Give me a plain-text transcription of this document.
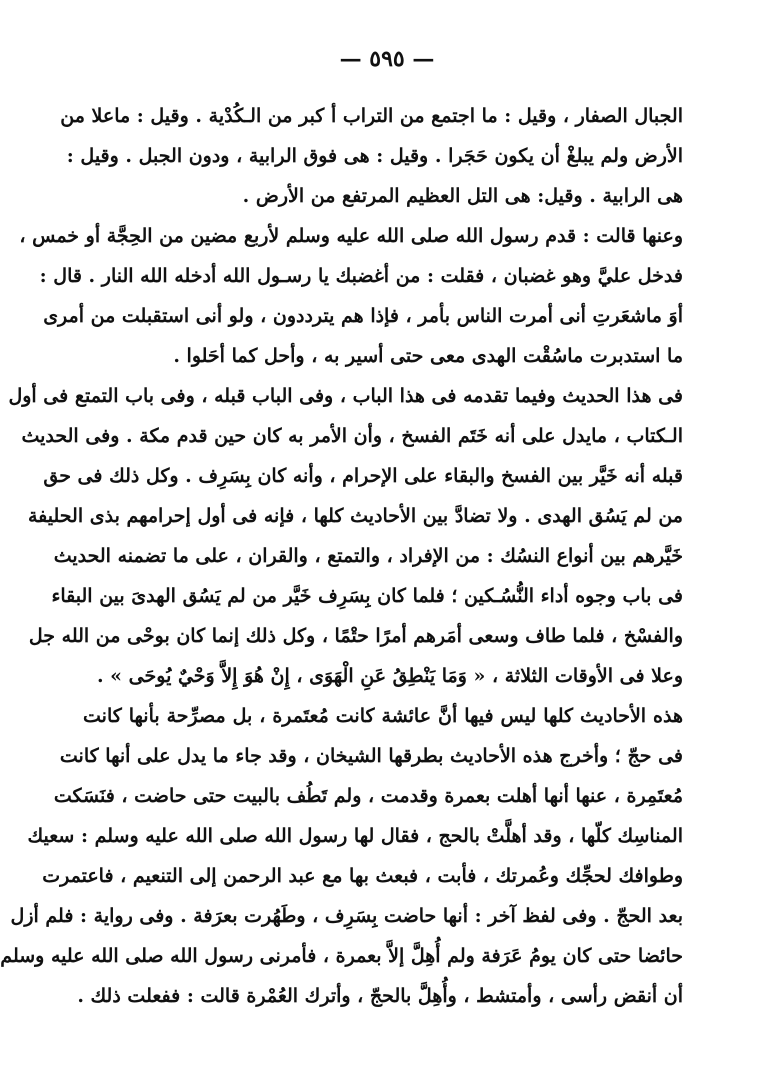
— ٥٩٥ —
الجبال الصفار ، وقيل : ما اجتمع من التراب أ كبر من الـكُدْية . وقيل : ماعلا من
الأرض ولم يبلغْ أن يكون حَجَرا . وقيل : هى فوق الرابية ، ودون الجبل . وقيل :
هى الرابية . وقيل: هى التل العظيم المرتفع من الأرض .
وعنها قالت : قدم رسول الله صلى الله عليه وسلم لأربع مضين من الحِجَّة أو خمس ،
فدخل عليَّ وهو غضبان ، فقلت : من أغضبك يا رسـول الله أدخله الله النار . قال :
أوَ ماشعَرتِ أنى أمرت الناس بأمر ، فإذا هم يترددون ، ولو أنى استقبلت من أمرى
ما استدبرت ماسُقْت الهدى معى حتى أسير به ، وأحل كما أحَلوا .
فى هذا الحديث وفيما تقدمه فى هذا الباب ، وفى الباب قبله ، وفى باب التمتع فى أول
الـكتاب ، مايدل على أنه خَتَم الفسخ ، وأن الأمر به كان حين قدم مكة . وفى الحديث
قبله أنه خَيَّر بين الفسخ والبقاء على الإحرام ، وأنه كان بِسَرِف . وكل ذلك فى حق
من لم يَسُق الهدى . ولا تضادَّ بين الأحاديث كلها ، فإنه فى أول إحرامهم بذى الحليفة
خَيَّرهم بين أنواع النسُك : من الإفراد ، والتمتع ، والقران ، على ما تضمنه الحديث
فى باب وجوه أداء النُّسُـكين ؛ فلما كان بِسَرِف خَيَّر من لم يَسُق الهدىَ بين البقاء
والفسْخ ، فلما طاف وسعى أمَرهم أمرًا حتْمًا ، وكل ذلك إنما كان بوحْى من الله جل
وعلا فى الأوقات الثلاثة ، « وَمَا يَنْطِقُ عَنِ الْهَوَى ، إِنْ هُوَ إِلاَّ وَحْيٌ يُوحَى » .
هذه الأحاديث كلها ليس فيها أنَّ عائشة كانت مُعتَمرة ، بل مصرِّحة بأنها كانت
فى حجّ ؛ وأخرج هذه الأحاديث بطرقها الشيخان ، وقد جاء ما يدل على أنها كانت
مُعتَمِرة ، عنها أنها أهلت بعمرة وقدمت ، ولم تَطُف بالبيت حتى حاضت ، فنَسَكت
المناسِك كلّها ، وقد أهلَّتْ بالحج ، فقال لها رسول الله صلى الله عليه وسلم : سعيك
وطوافك لحجِّك وعُمرتك ، فأبت ، فبعث بها مع عبد الرحمن إلى التنعيم ، فاعتمرت
بعد الحجّ . وفى لفظ آخر : أنها حاضت بِسَرِف ، وطَهُرت بعرَفة . وفى رواية : فلم أزل
حائضا حتى كان يومُ عَرَفة ولم أُهِلَّ إلاَّ بعمرة ، فأمرنى رسول الله صلى الله عليه وسلم
أن أنقض رأسى ، وأمتشط ، وأُهِلَّ بالحجّ ، وأترك العُمْرة قالت : ففعلت ذلك .
